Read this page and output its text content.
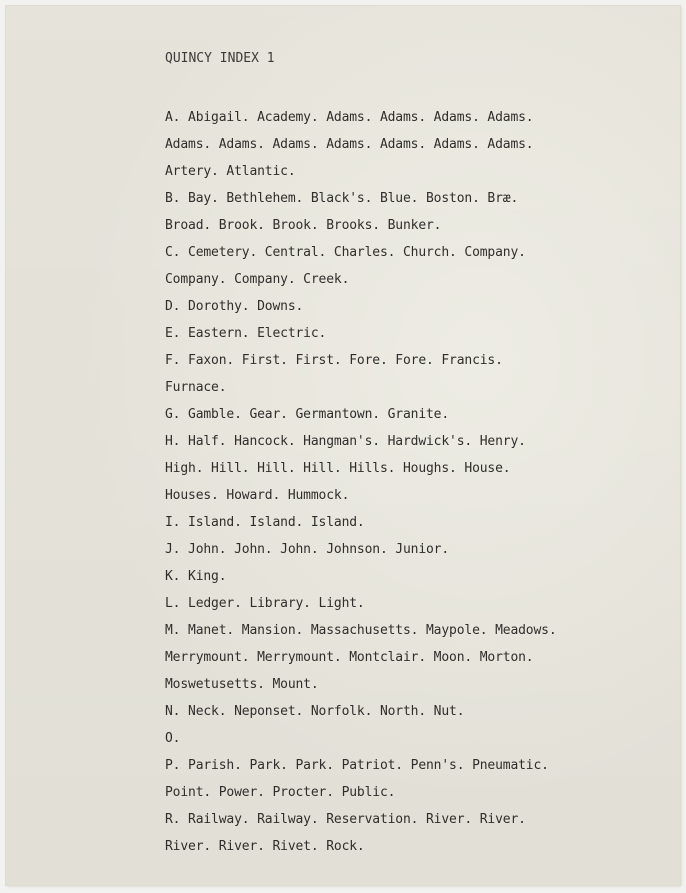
QUINCY INDEX 1
A. Abigail. Academy. Adams. Adams. Adams. Adams.
Adams. Adams. Adams. Adams. Adams. Adams. Adams.
Artery. Atlantic.
B. Bay. Bethlehem. Black's. Blue. Boston. Bræ.
Broad. Brook. Brook. Brooks. Bunker.
C. Cemetery. Central. Charles. Church. Company.
Company. Company. Creek.
D. Dorothy. Downs.
E. Eastern. Electric.
F. Faxon. First. First. Fore. Fore. Francis.
Furnace.
G. Gamble. Gear. Germantown. Granite.
H. Half. Hancock. Hangman's. Hardwick's. Henry.
High. Hill. Hill. Hill. Hills. Houghs. House.
Houses. Howard. Hummock.
I. Island. Island. Island.
J. John. John. John. Johnson. Junior.
K. King.
L. Ledger. Library. Light.
M. Manet. Mansion. Massachusetts. Maypole. Meadows.
Merrymount. Merrymount. Montclair. Moon. Morton.
Moswetusetts. Mount.
N. Neck. Neponset. Norfolk. North. Nut.
O.
P. Parish. Park. Park. Patriot. Penn's. Pneumatic.
Point. Power. Procter. Public.
R. Railway. Railway. Reservation. River. River.
River. River. Rivet. Rock.
